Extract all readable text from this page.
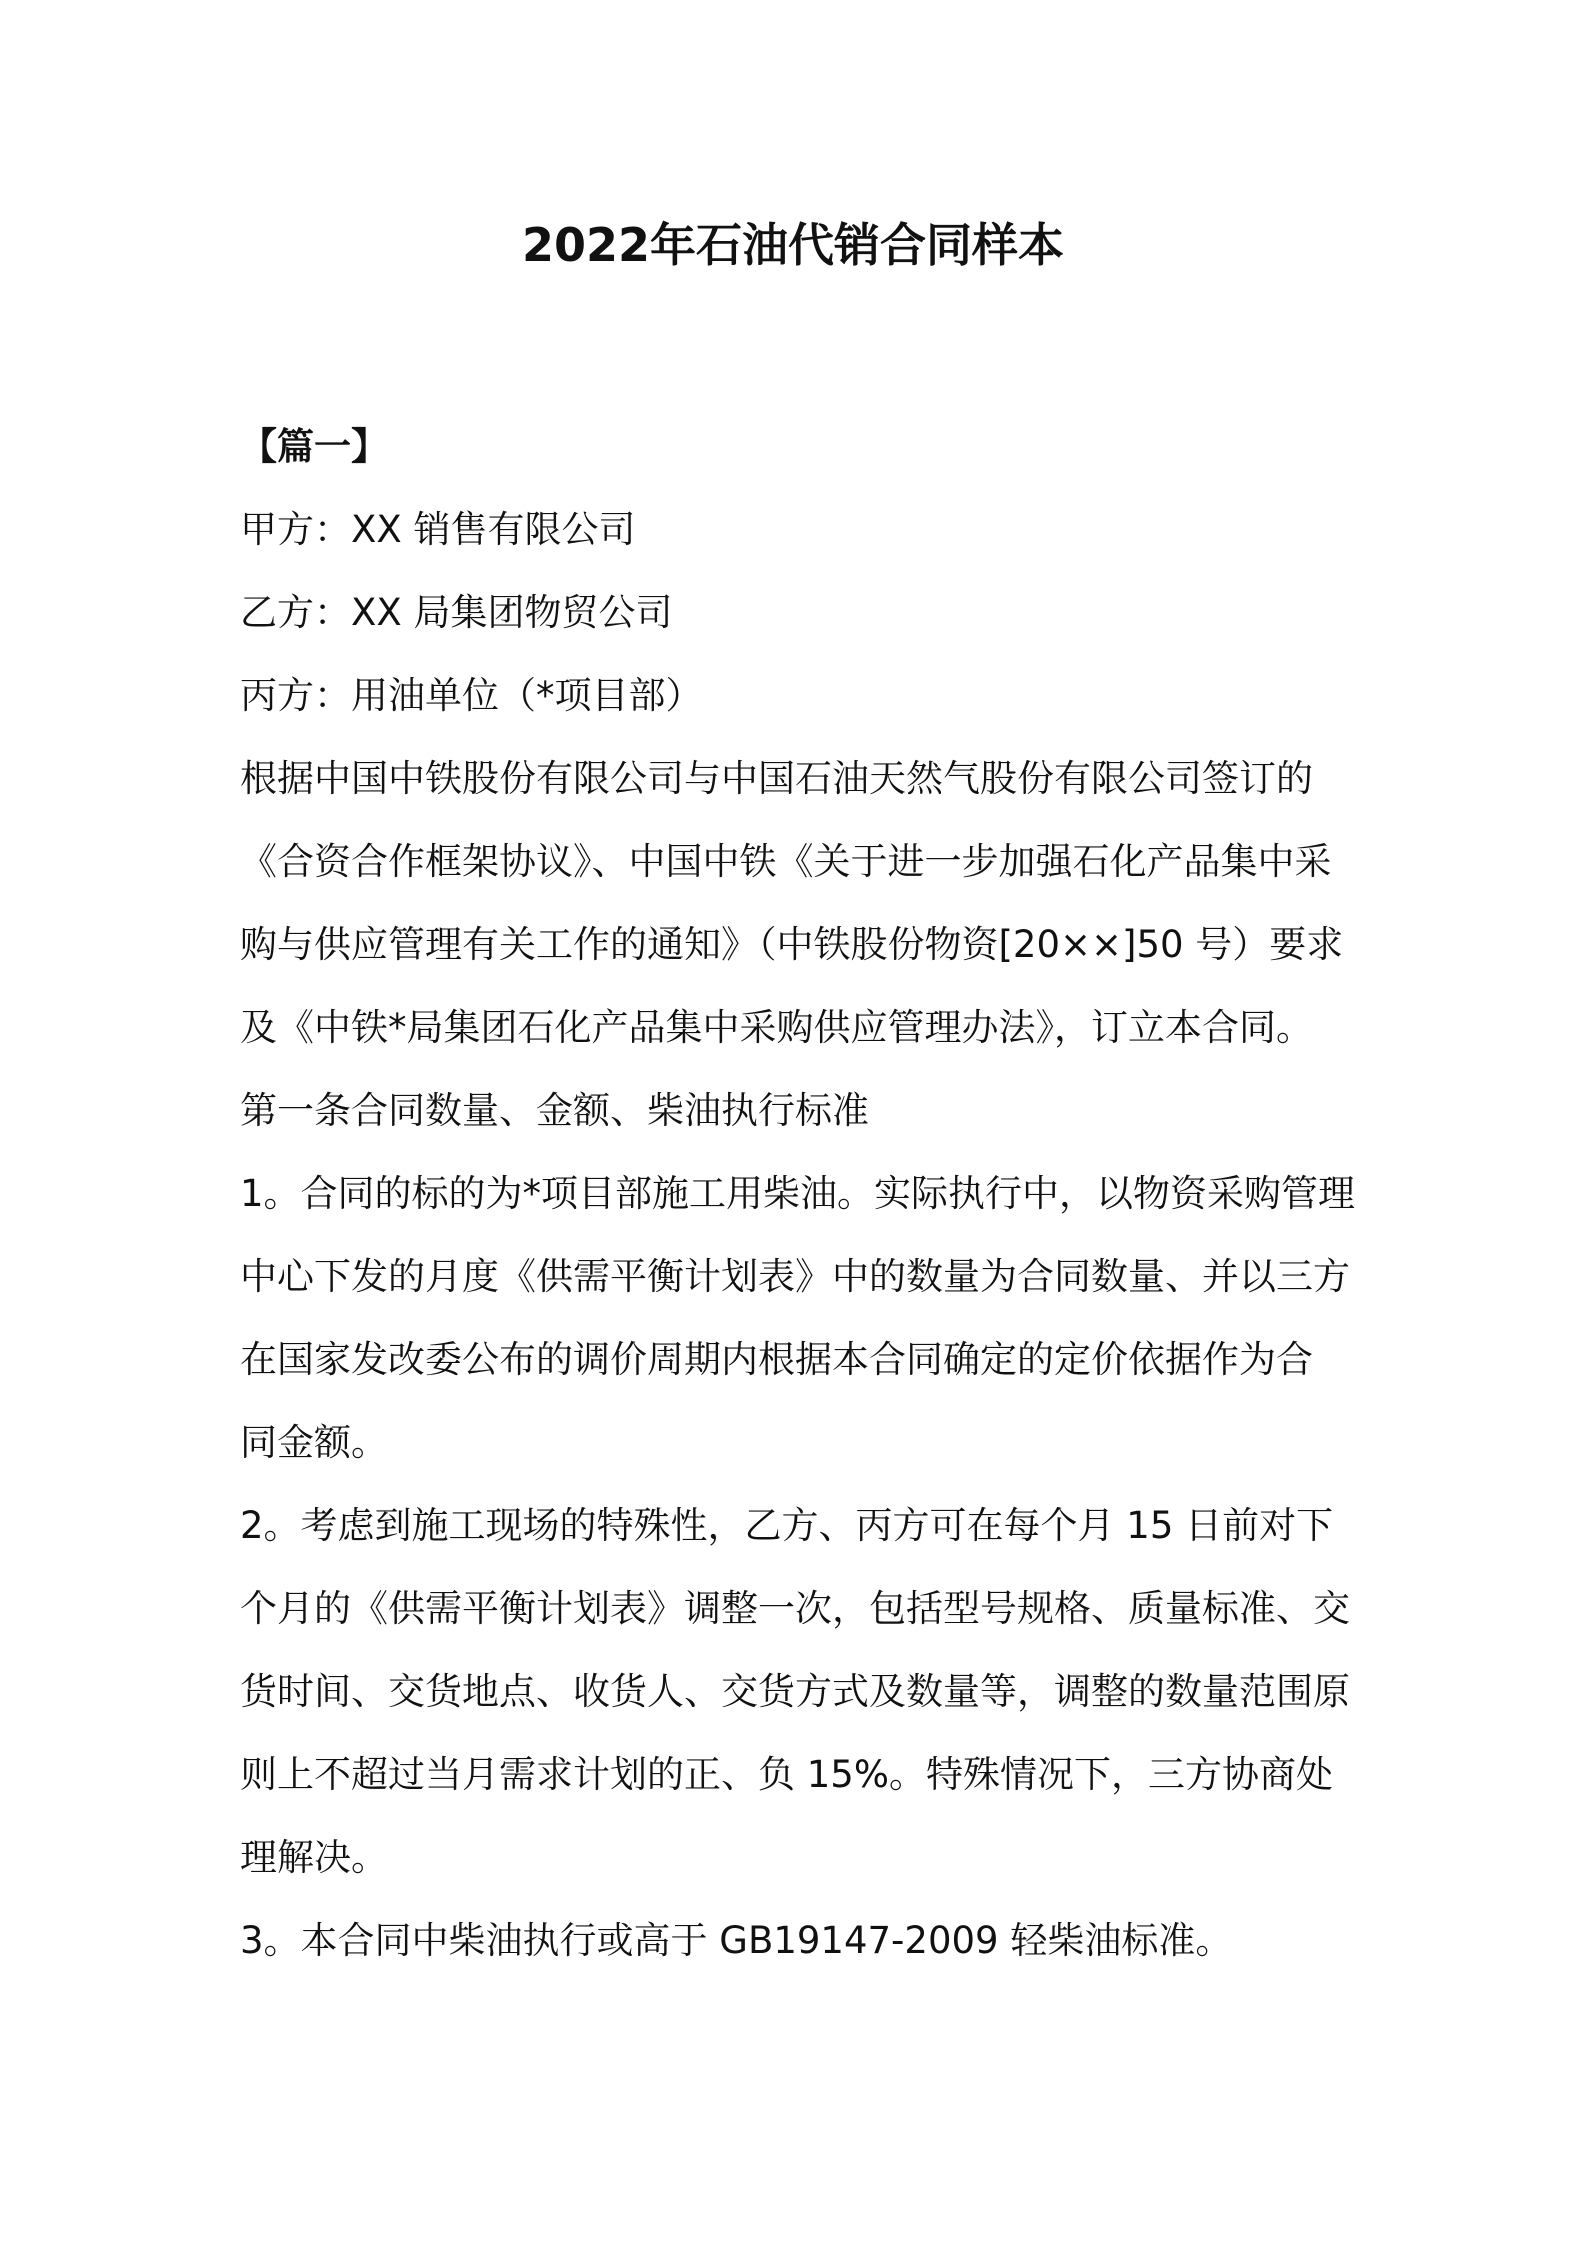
2022年石油代销合同样本
【篇一】
甲方：XX 销售有限公司
乙方：XX 局集团物贸公司
丙方：用油单位（*项目部）
根据中国中铁股份有限公司与中国石油天然气股份有限公司签订的
《合资合作框架协议》、中国中铁《关于进一步加强石化产品集中采
购与供应管理有关工作的通知》（中铁股份物资[20××]50 号）要求
及《中铁*局集团石化产品集中采购供应管理办法》，订立本合同。
第一条合同数量、金额、柴油执行标准
1。合同的标的为*项目部施工用柴油。实际执行中，以物资采购管理
中心下发的月度《供需平衡计划表》中的数量为合同数量、并以三方
在国家发改委公布的调价周期内根据本合同确定的定价依据作为合
同金额。
2。考虑到施工现场的特殊性，乙方、丙方可在每个月 15 日前对下
个月的《供需平衡计划表》调整一次，包括型号规格、质量标准、交
货时间、交货地点、收货人、交货方式及数量等，调整的数量范围原
则上不超过当月需求计划的正、负 15%。特殊情况下，三方协商处
理解决。
3。本合同中柴油执行或高于 GB19147-2009 轻柴油标准。
